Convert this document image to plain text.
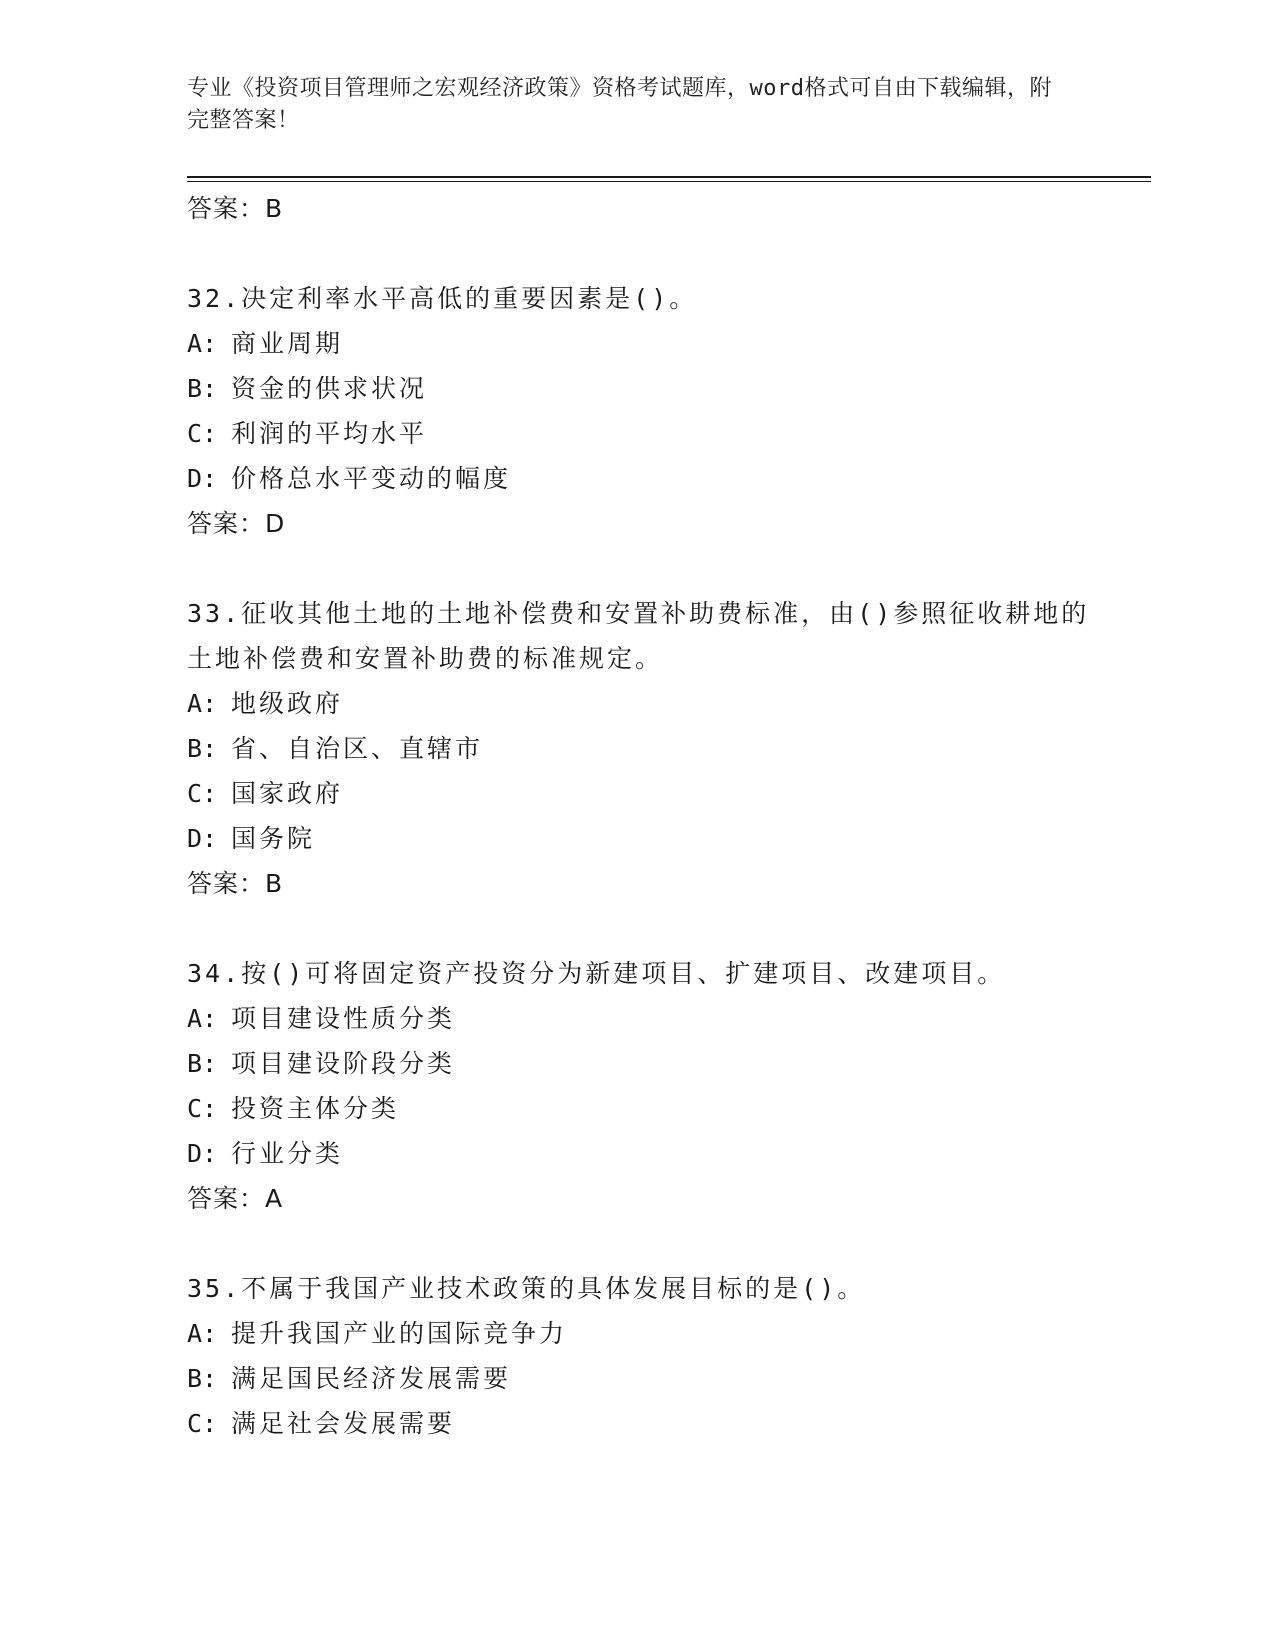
专业《投资项目管理师之宏观经济政策》资格考试题库，word格式可自由下载编辑，附完整答案！
答案：B
32.决定利率水平高低的重要因素是()。
A: 商业周期
B: 资金的供求状况
C: 利润的平均水平
D: 价格总水平变动的幅度
答案：D
33.征收其他土地的土地补偿费和安置补助费标准，由()参照征收耕地的土地补偿费和安置补助费的标准规定。
A: 地级政府
B: 省、自治区、直辖市
C: 国家政府
D: 国务院
答案：B
34.按()可将固定资产投资分为新建项目、扩建项目、改建项目。
A: 项目建设性质分类
B: 项目建设阶段分类
C: 投资主体分类
D: 行业分类
答案：A
35.不属于我国产业技术政策的具体发展目标的是()。
A: 提升我国产业的国际竞争力
B: 满足国民经济发展需要
C: 满足社会发展需要
